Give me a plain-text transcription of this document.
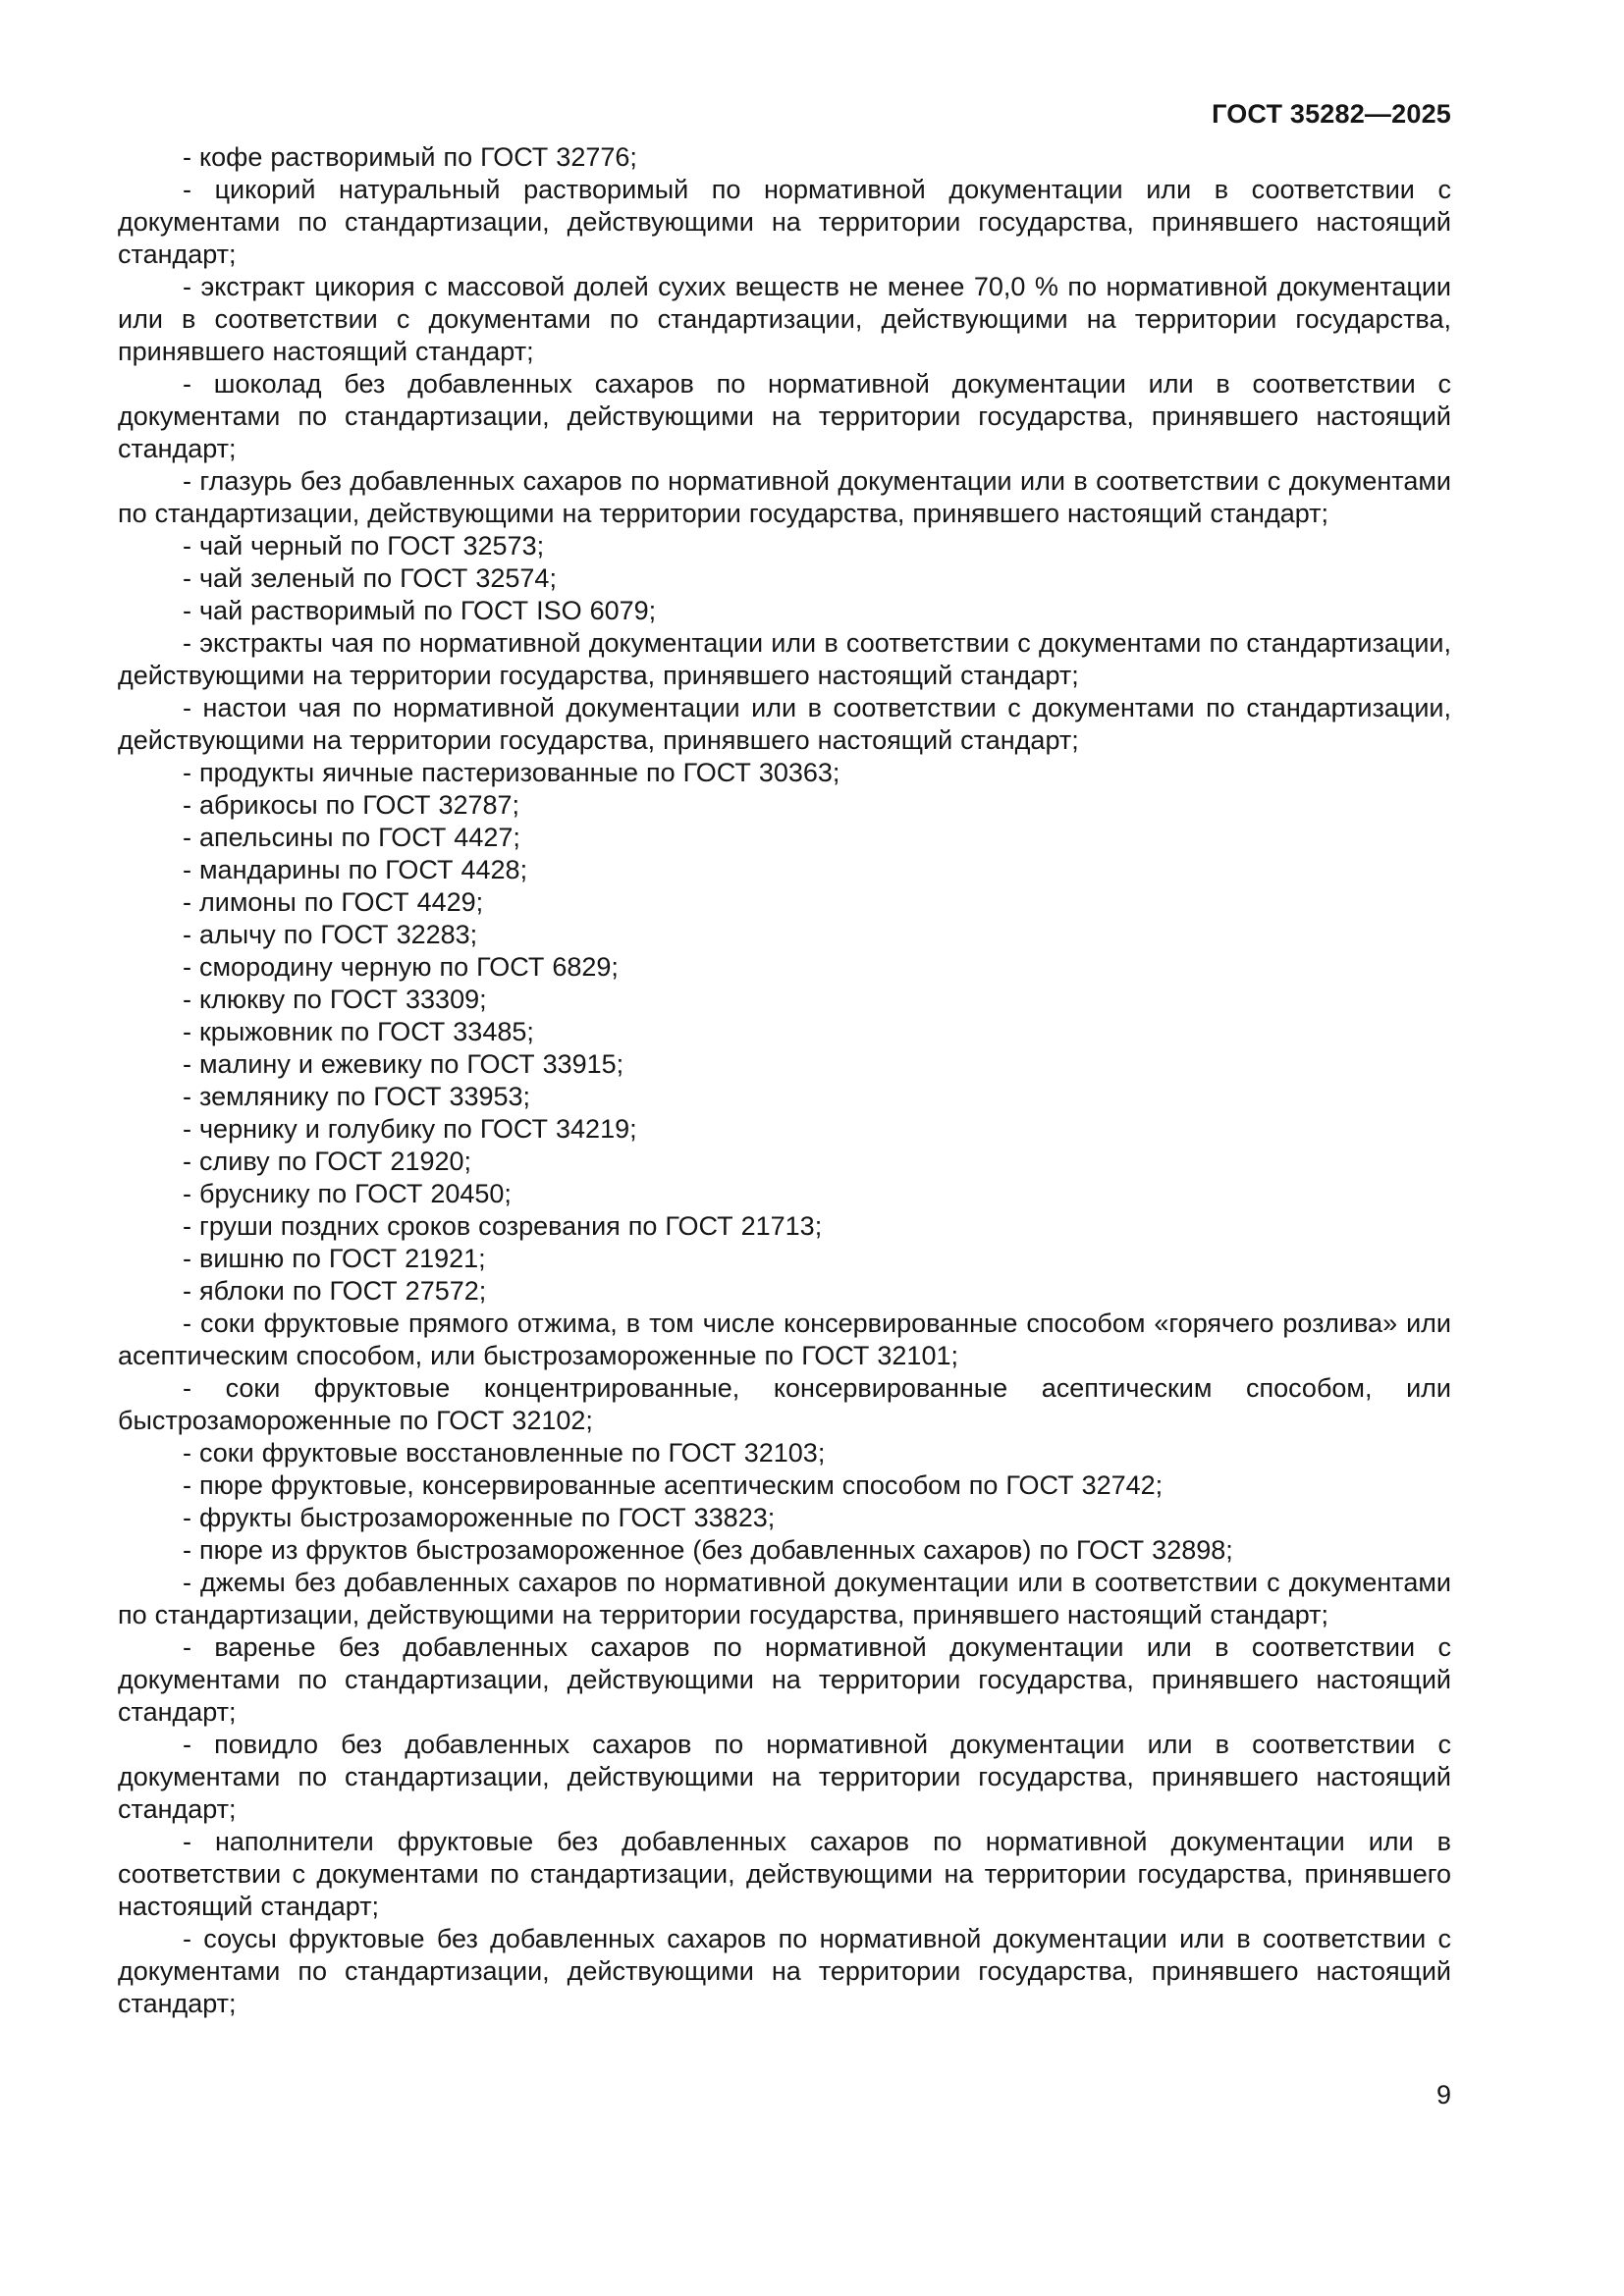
ГОСТ 35282—2025

- кофе растворимый по ГОСТ 32776;

- цикорий натуральный растворимый по нормативной документации или в соответствии с документами по стандартизации, действующими на территории государства, принявшего настоящий стандарт;

- экстракт цикория с массовой долей сухих веществ не менее 70,0 % по нормативной документации или в соответствии с документами по стандартизации, действующими на территории государства, принявшего настоящий стандарт;

- шоколад без добавленных сахаров по нормативной документации или в соответствии с документами по стандартизации, действующими на территории государства, принявшего настоящий стандарт;

- глазурь без добавленных сахаров по нормативной документации или в соответствии с документами по стандартизации, действующими на территории государства, принявшего настоящий стандарт;

- чай черный по ГОСТ 32573;

- чай зеленый по ГОСТ 32574;

- чай растворимый по ГОСТ ISO 6079;

- экстракты чая по нормативной документации или в соответствии с документами по стандартизации, действующими на территории государства, принявшего настоящий стандарт;

- настои чая по нормативной документации или в соответствии с документами по стандартизации, действующими на территории государства, принявшего настоящий стандарт;

- продукты яичные пастеризованные по ГОСТ 30363;

- абрикосы по ГОСТ 32787;

- апельсины по ГОСТ 4427;

- мандарины по ГОСТ 4428;

- лимоны по ГОСТ 4429;

- алычу по ГОСТ 32283;

- смородину черную по ГОСТ 6829;

- клюкву по ГОСТ 33309;

- крыжовник по ГОСТ 33485;

- малину и ежевику по ГОСТ 33915;

- землянику по ГОСТ 33953;

- чернику и голубику по ГОСТ 34219;

- сливу по ГОСТ 21920;

- бруснику по ГОСТ 20450;

- груши поздних сроков созревания по ГОСТ 21713;

- вишню по ГОСТ 21921;

- яблоки по ГОСТ 27572;

- соки фруктовые прямого отжима, в том числе консервированные способом «горячего розлива» или асептическим способом, или быстрозамороженные по ГОСТ 32101;

- соки фруктовые концентрированные, консервированные асептическим способом, или быстрозамороженные по ГОСТ 32102;

- соки фруктовые восстановленные по ГОСТ 32103;

- пюре фруктовые, консервированные асептическим способом по ГОСТ 32742;

- фрукты быстрозамороженные по ГОСТ 33823;

- пюре из фруктов быстрозамороженное (без добавленных сахаров) по ГОСТ 32898;

- джемы без добавленных сахаров по нормативной документации или в соответствии с документами по стандартизации, действующими на территории государства, принявшего настоящий стандарт;

- варенье без добавленных сахаров по нормативной документации или в соответствии с документами по стандартизации, действующими на территории государства, принявшего настоящий стандарт;

- повидло без добавленных сахаров по нормативной документации или в соответствии с документами по стандартизации, действующими на территории государства, принявшего настоящий стандарт;

- наполнители фруктовые без добавленных сахаров по нормативной документации или в соответствии с документами по стандартизации, действующими на территории государства, принявшего настоящий стандарт;

- соусы фруктовые без добавленных сахаров по нормативной документации или в соответствии с документами по стандартизации, действующими на территории государства, принявшего настоящий стандарт;

9
